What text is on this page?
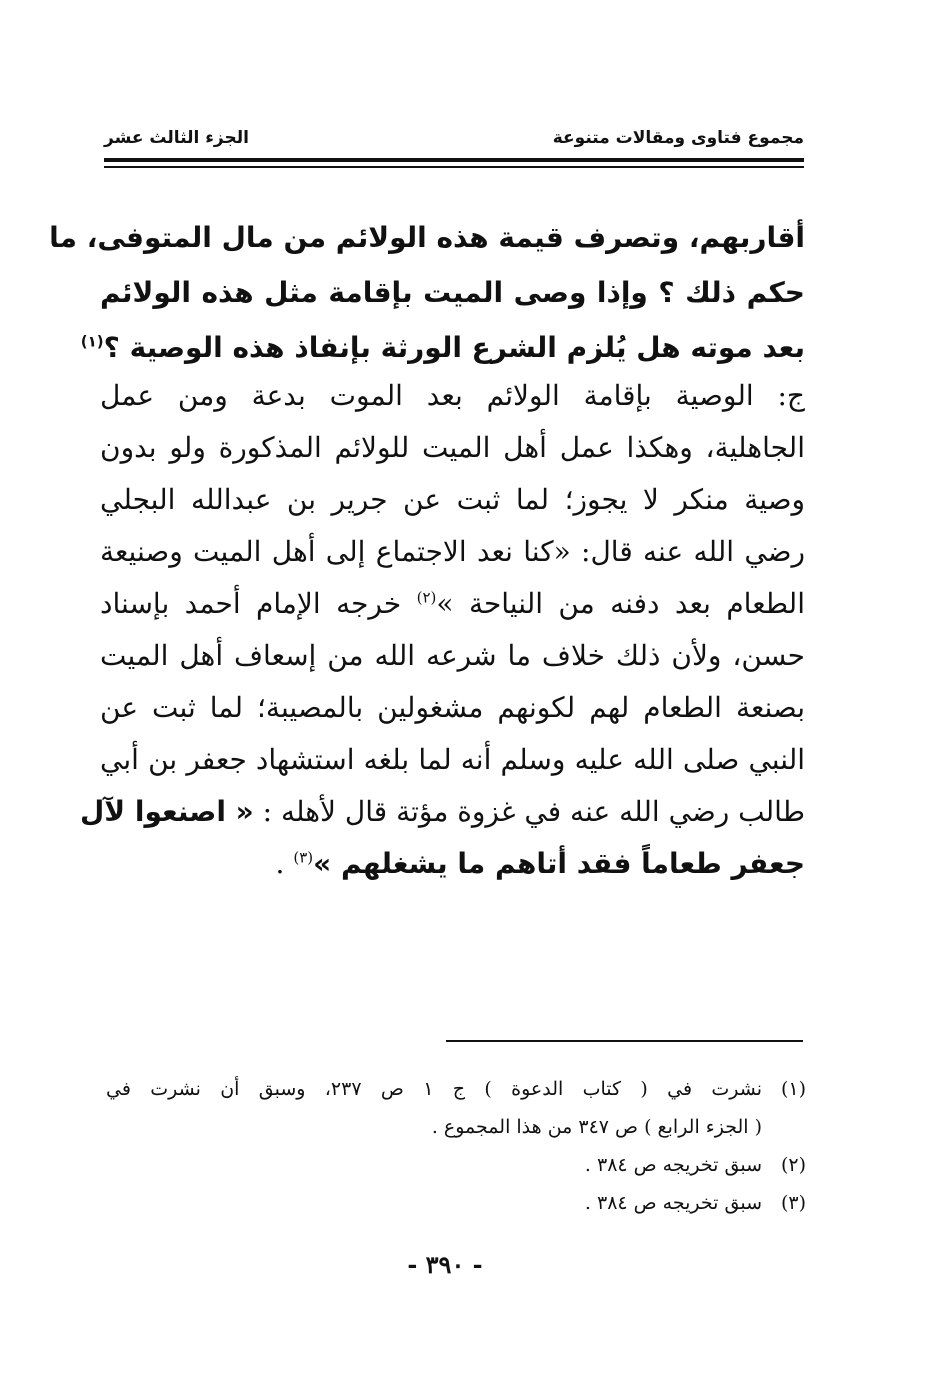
مجموع فتاوى ومقالات متنوعة
الجزء الثالث عشر
أقاربهم، وتصرف قيمة هذه الولائم من مال المتوفى، ما
حكم ذلك ؟ وإذا وصى الميت بإقامة مثل هذه الولائم
بعد موته هل يُلزم الشرع الورثة بإنفاذ هذه الوصية ؟$^{(١)}$
ج: الوصية بإقامة الولائم بعد الموت بدعة ومن عمل
الجاهلية، وهكذا عمل أهل الميت للولائم المذكورة ولو بدون
وصية منكر لا يجوز؛ لما ثبت عن جرير بن عبدالله البجلي
رضي الله عنه قال: «كنا نعد الاجتماع إلى أهل الميت وصنيعة
الطعام بعد دفنه من النياحة »$^{(٢)}$ خرجه الإمام أحمد بإسناد
حسن، ولأن ذلك خلاف ما شرعه الله من إسعاف أهل الميت
بصنعة الطعام لهم لكونهم مشغولين بالمصيبة؛ لما ثبت عن
النبي صلى الله عليه وسلم أنه لما بلغه استشهاد جعفر بن أبي
طالب رضي الله عنه في غزوة مؤتة قال لأهله : « اصنعوا لآل
جعفر طعاماً فقد أتاهم ما يشغلهم »$^{(٣)}$ .
(١)
نشرت في ( كتاب الدعوة ) ج ١ ص ٢٣٧، وسبق أن نشرت في
( الجزء الرابع ) ص ٣٤٧ من هذا المجموع .
(٢)
سبق تخريجه ص ٣٨٤ .
(٣)
سبق تخريجه ص ٣٨٤ .
- ٣٩٠ -
